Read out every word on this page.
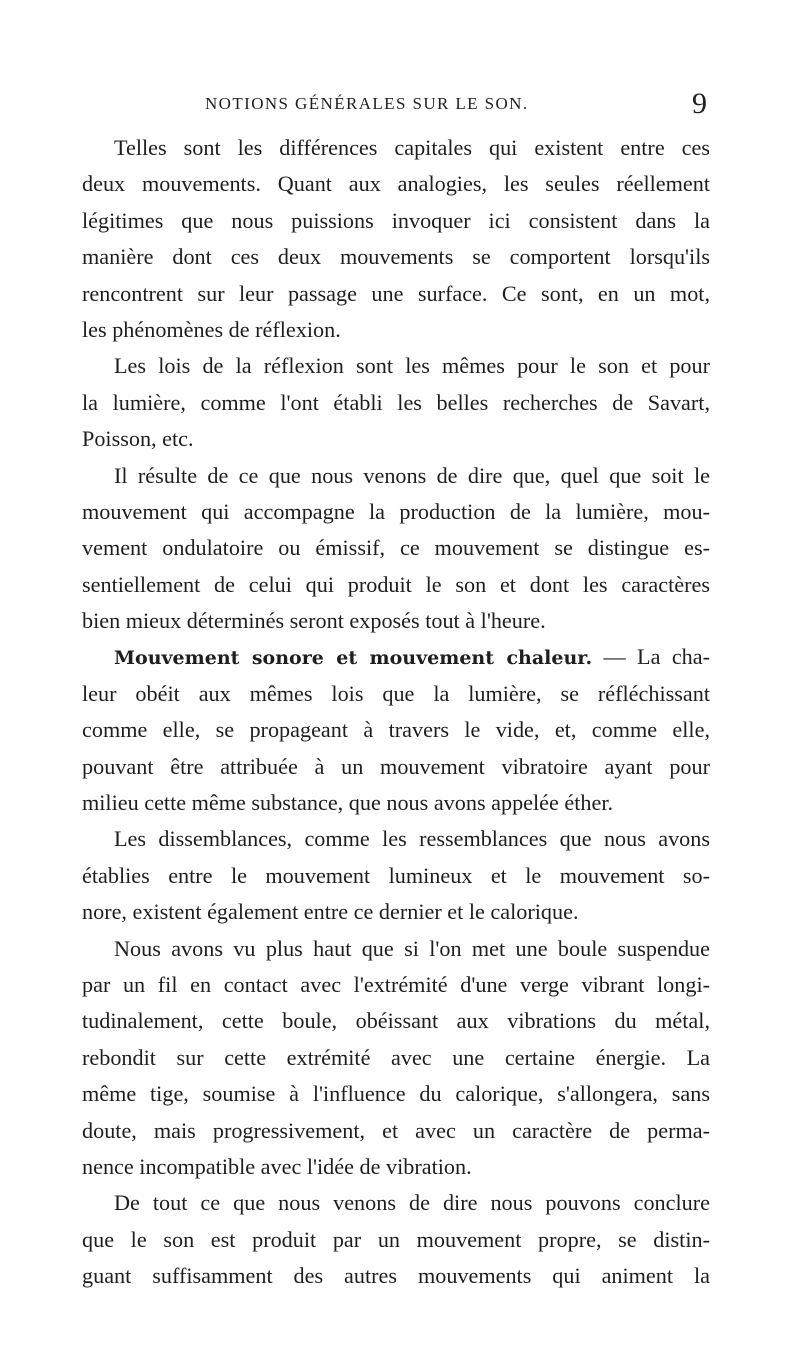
NOTIONS GÉNÉRALES SUR LE SON.	9
Telles sont les différences capitales qui existent entre ces
deux mouvements. Quant aux analogies, les seules réellement
légitimes que nous puissions invoquer ici consistent dans la
manière dont ces deux mouvements se comportent lorsqu'ils
rencontrent sur leur passage une surface. Ce sont, en un mot,
les phénomènes de réflexion.
Les lois de la réflexion sont les mêmes pour le son et pour
la lumière, comme l'ont établi les belles recherches de Savart,
Poisson, etc.
Il résulte de ce que nous venons de dire que, quel que soit le
mouvement qui accompagne la production de la lumière, mou-
vement ondulatoire ou émissif, ce mouvement se distingue es-
sentiellement de celui qui produit le son et dont les caractères
bien mieux déterminés seront exposés tout à l'heure.
Mouvement sonore et mouvement chaleur. — La cha-
leur obéit aux mêmes lois que la lumière, se réfléchissant
comme elle, se propageant à travers le vide, et, comme elle,
pouvant être attribuée à un mouvement vibratoire ayant pour
milieu cette même substance, que nous avons appelée éther.
Les dissemblances, comme les ressemblances que nous avons
établies entre le mouvement lumineux et le mouvement so-
nore, existent également entre ce dernier et le calorique.
Nous avons vu plus haut que si l'on met une boule suspendue
par un fil en contact avec l'extrémité d'une verge vibrant longi-
tudinalement, cette boule, obéissant aux vibrations du métal,
rebondit sur cette extrémité avec une certaine énergie. La
même tige, soumise à l'influence du calorique, s'allongera, sans
doute, mais progressivement, et avec un caractère de perma-
nence incompatible avec l'idée de vibration.
De tout ce que nous venons de dire nous pouvons conclure
que le son est produit par un mouvement propre, se distin-
guant suffisamment des autres mouvements qui animent la
